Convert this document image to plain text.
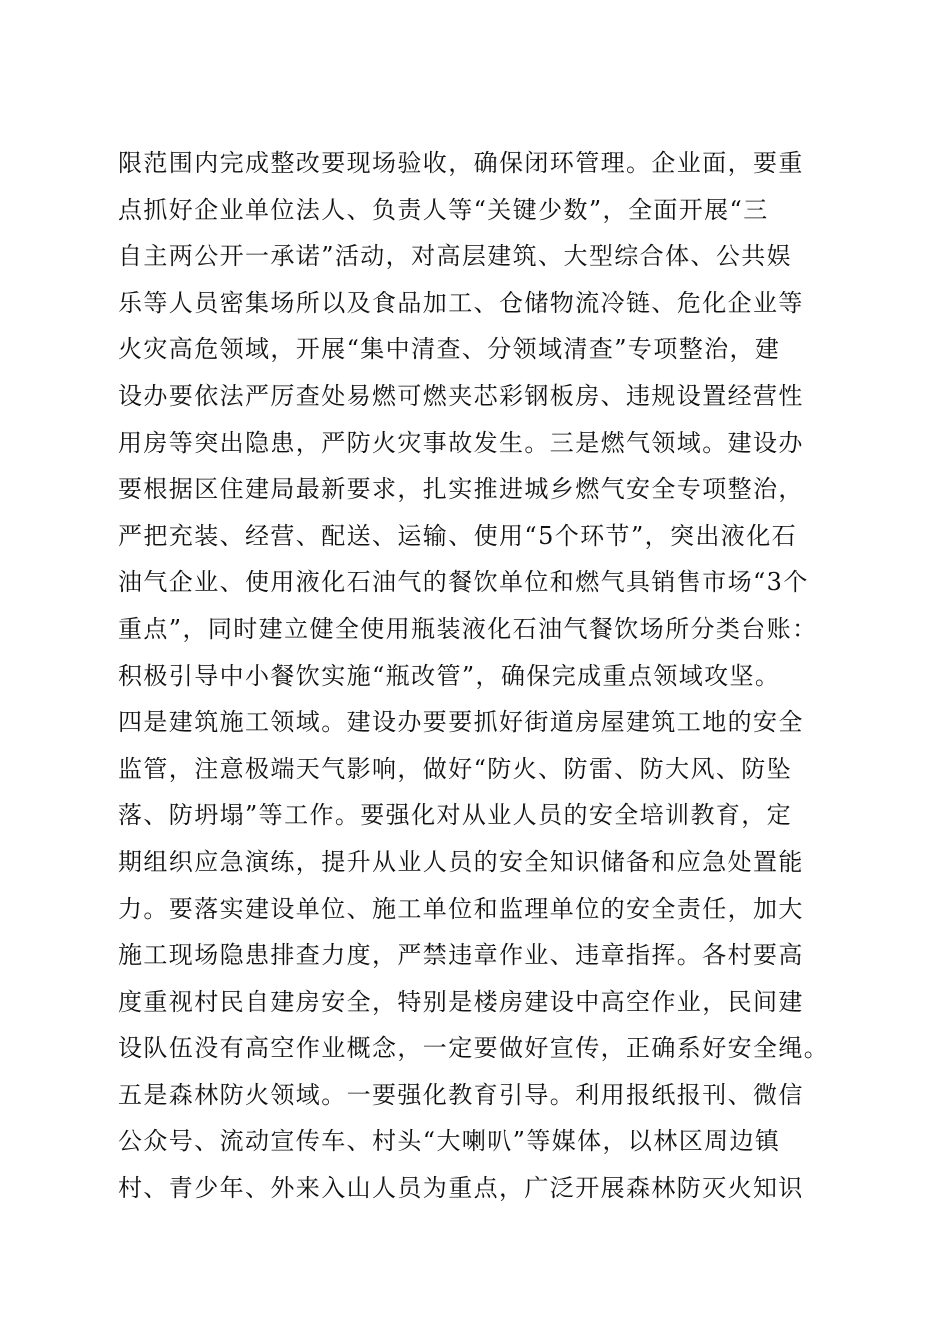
限范围内完成整改要现场验收，确保闭环管理。企业面，要重
点抓好企业单位法人、负责人等“关键少数”，全面开展“三
自主两公开一承诺”活动，对高层建筑、大型综合体、公共娱
乐等人员密集场所以及食品加工、仓储物流冷链、危化企业等
火灾高危领域，开展“集中清查、分领域清查”专项整治，建
设办要依法严厉查处易燃可燃夹芯彩钢板房、违规设置经营性
用房等突出隐患，严防火灾事故发生。三是燃气领域。建设办
要根据区住建局最新要求，扎实推进城乡燃气安全专项整治，
严把充装、经营、配送、运输、使用“5个环节”，突出液化石
油气企业、使用液化石油气的餐饮单位和燃气具销售市场“3个
重点”，同时建立健全使用瓶装液化石油气餐饮场所分类台账：
积极引导中小餐饮实施“瓶改管”，确保完成重点领域攻坚。
四是建筑施工领域。建设办要要抓好街道房屋建筑工地的安全
监管，注意极端天气影响，做好“防火、防雷、防大风、防坠
落、防坍塌”等工作。要强化对从业人员的安全培训教育，定
期组织应急演练，提升从业人员的安全知识储备和应急处置能
力。要落实建设单位、施工单位和监理单位的安全责任，加大
施工现场隐患排查力度，严禁违章作业、违章指挥。各村要高
度重视村民自建房安全，特别是楼房建设中高空作业，民间建
设队伍没有高空作业概念，一定要做好宣传，正确系好安全绳。
五是森林防火领域。一要强化教育引导。利用报纸报刊、微信
公众号、流动宣传车、村头“大喇叭”等媒体，以林区周边镇
村、青少年、外来入山人员为重点，广泛开展森林防灭火知识
